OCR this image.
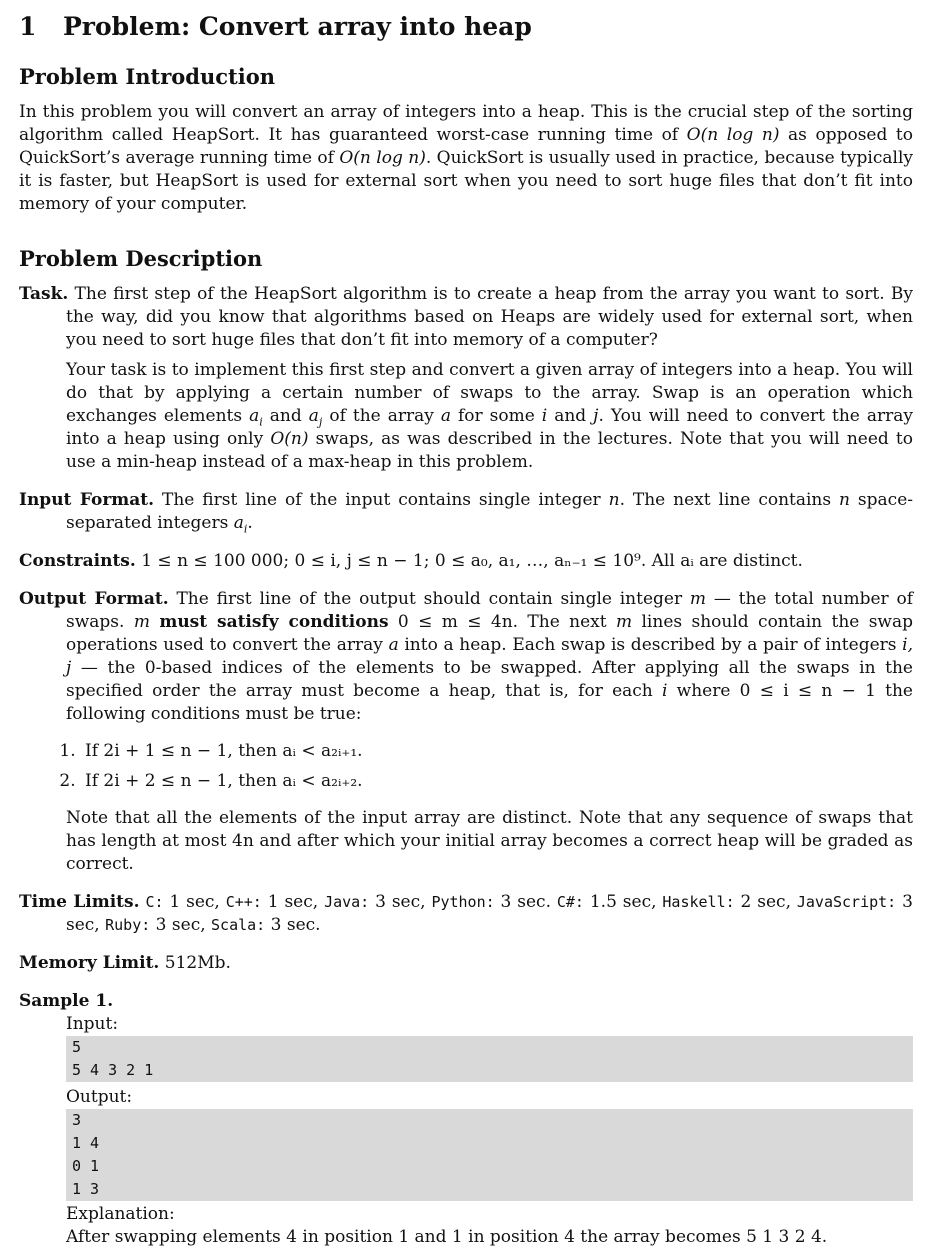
1 Problem: Convert array into heap
Problem Introduction

In this problem you will convert an array of integers into a heap. This is the crucial step of the sorting algorithm called HeapSort. It has guaranteed worst-case running time of O(n log n) as opposed to QuickSort’s average running time of O(n log n). QuickSort is usually used in practice, because typically it is faster, but HeapSort is used for external sort when you need to sort huge files that don’t fit into memory of your computer.

Problem Description

Task. The first step of the HeapSort algorithm is to create a heap from the array you want to sort. By the way, did you know that algorithms based on Heaps are widely used for external sort, when you need to sort huge files that don’t fit into memory of a computer?

Your task is to implement this first step and convert a given array of integers into a heap. You will do that by applying a certain number of swaps to the array. Swap is an operation which exchanges elements $a_i$ and $a_j$ of the array a for some i and j. You will need to convert the array into a heap using only O(n) swaps, as was described in the lectures. Note that you will need to use a min-heap instead of a max-heap in this problem.

Input Format. The first line of the input contains single integer n. The next line contains n space-separated integers $a_i$.

Constraints. 1 ≤ n ≤ 100 000; 0 ≤ i, j ≤ n − 1; 0 ≤ a₀, a₁, …, aₙ₋₁ ≤ 10⁹. All aᵢ are distinct.

Output Format. The first line of the output should contain single integer m — the total number of swaps. m must satisfy conditions 0 ≤ m ≤ 4n. The next m lines should contain the swap operations used to convert the array a into a heap. Each swap is described by a pair of integers i, j — the 0-based indices of the elements to be swapped. After applying all the swaps in the specified order the array must become a heap, that is, for each i where 0 ≤ i ≤ n − 1 the following conditions must be true:

1. If 2i + 1 ≤ n − 1, then aᵢ < a₂ᵢ₊₁.
2. If 2i + 2 ≤ n − 1, then aᵢ < a₂ᵢ₊₂.

Note that all the elements of the input array are distinct. Note that any sequence of swaps that has length at most 4n and after which your initial array becomes a correct heap will be graded as correct.

Time Limits. C: 1 sec, C++: 1 sec, Java: 3 sec, Python: 3 sec. C#: 1.5 sec, Haskell: 2 sec, JavaScript: 3 sec, Ruby: 3 sec, Scala: 3 sec.

Memory Limit. 512Mb.

Sample 1.

Input:

5
5 4 3 2 1

Output:

3
1 4
0 1
1 3

Explanation:

After swapping elements 4 in position 1 and 1 in position 4 the array becomes 5 1 3 2 4.
